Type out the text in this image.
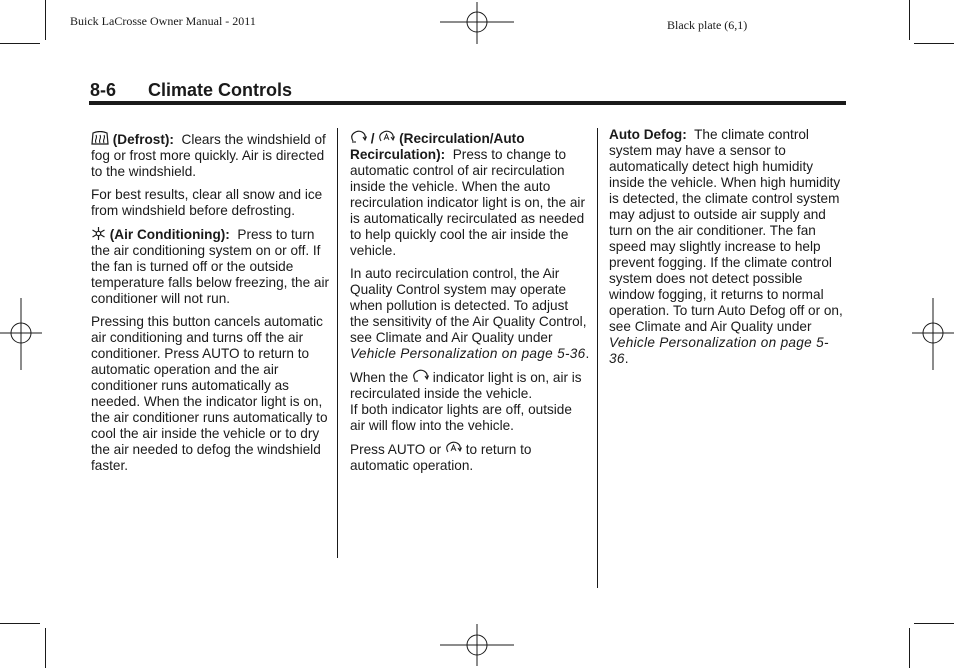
Buick LaCrosse Owner Manual - 2011	Black plate (6,1)
8-6 Climate Controls

(Defrost): Clears the windshield of fog or frost more quickly. Air is directed to the windshield.

For best results, clear all snow and ice from windshield before defrosting.

(Air Conditioning): Press to turn the air conditioning system on or off. If the fan is turned off or the outside temperature falls below freezing, the air conditioner will not run.

Pressing this button cancels automatic air conditioning and turns off the air conditioner. Press AUTO to return to automatic operation and the air conditioner runs automatically as needed. When the indicator light is on, the air conditioner runs automatically to cool the air inside the vehicle or to dry the air needed to defog the windshield faster.

/ (Recirculation/Auto Recirculation): Press to change to automatic control of air recirculation inside the vehicle. When the auto recirculation indicator light is on, the air is automatically recirculated as needed to help quickly cool the air inside the vehicle.

In auto recirculation control, the Air Quality Control system may operate when pollution is detected. To adjust the sensitivity of the Air Quality Control, see Climate and Air Quality under Vehicle Personalization on page 5-36.

When the indicator light is on, air is recirculated inside the vehicle.
If both indicator lights are off, outside air will flow into the vehicle.

Press AUTO or to return to automatic operation.

Auto Defog: The climate control system may have a sensor to automatically detect high humidity inside the vehicle. When high humidity is detected, the climate control system may adjust to outside air supply and turn on the air conditioner. The fan speed may slightly increase to help prevent fogging. If the climate control system does not detect possible window fogging, it returns to normal operation. To turn Auto Defog off or on, see Climate and Air Quality under Vehicle Personalization on page 5-36.
